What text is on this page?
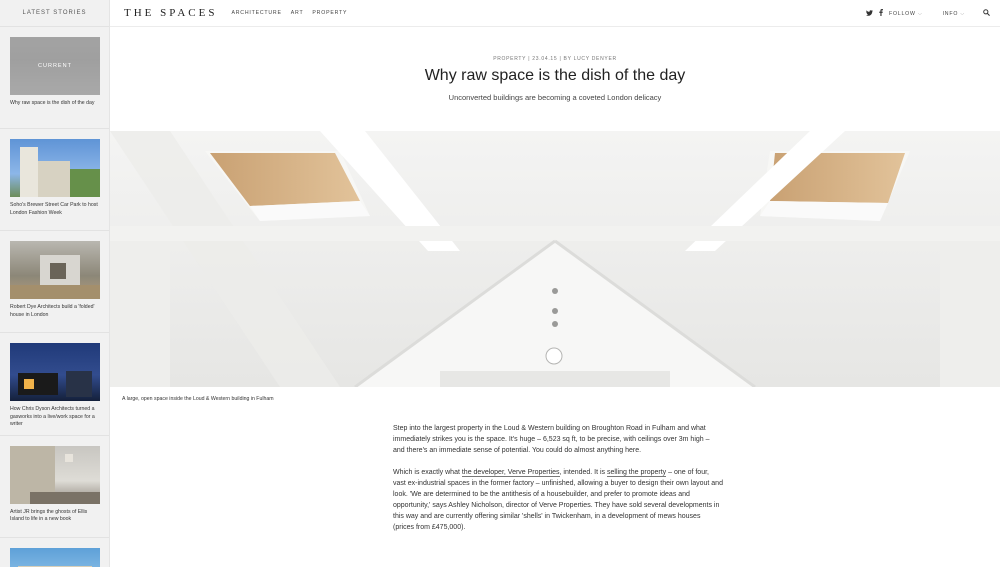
LATEST STORIES
CURRENT
Why raw space is the dish of the day
Soho's Brewer Street Car Park to host London Fashion Week
Robert Dye Architects build a 'folded' house in London
How Chris Dyson Architects turned a gasworks into a live/work space for a writer
Artist JR brings the ghosts of Ellis Island to life in a new book
THE SPACES	ARCHITECTURE ART PROPERTY	FOLLOW ⌵	INFO ⌵
PROPERTY | 23.04.15 | BY LUCY DENYER
Why raw space is the dish of the day
Unconverted buildings are becoming a coveted London delicacy
A large, open space inside the Loud & Western building in Fulham

Step into the largest property in the Loud & Western building on Broughton Road in Fulham and what immediately strikes you is the space. It's huge – 6,523 sq ft, to be precise, with ceilings over 3m high – and there's an immediate sense of potential. You could do almost anything here.

Which is exactly what the developer, Verve Properties, intended. It is selling the property – one of four, vast ex-industrial spaces in the former factory – unfinished, allowing a buyer to design their own layout and look. 'We are determined to be the antithesis of a housebuilder, and prefer to promote ideas and opportunity,' says Ashley Nicholson, director of Verve Properties. They have sold several developments in this way and are currently offering similar 'shells' in Twickenham, in a development of mews houses (prices from £475,000).
